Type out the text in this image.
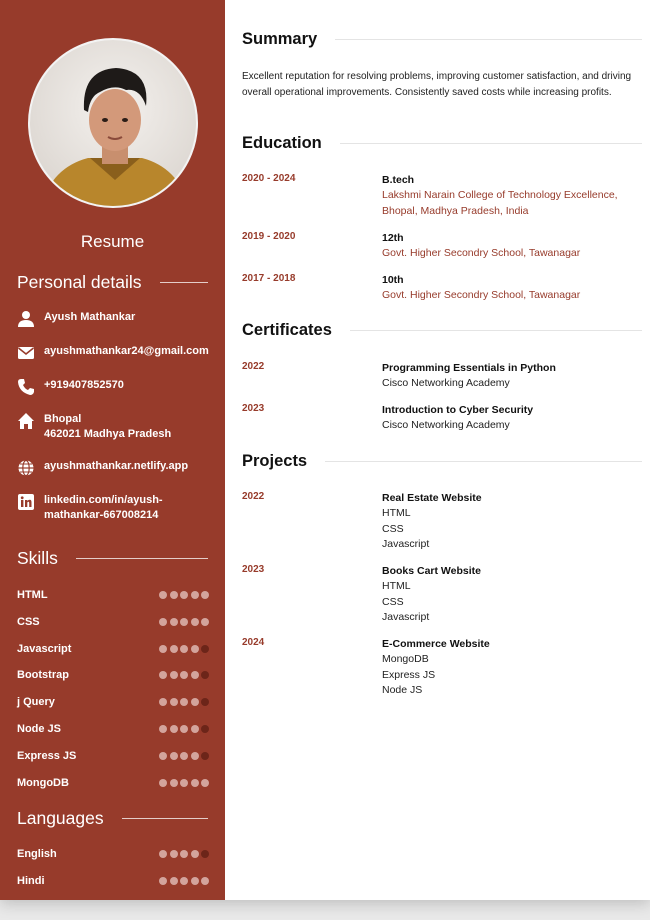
Resume
Personal details
Ayush Mathankar
ayushmathankar24@gmail.com
+919407852570
Bhopal
462021 Madhya Pradesh
ayushmathankar.netlify.app
linkedin.com/in/ayush-
mathankar-667008214
Skills
HTML
CSS
Javascript
Bootstrap
j Query
Node JS
Express JS
MongoDB
Languages
English
Hindi
Summary
Excellent reputation for resolving problems, improving customer satisfaction, and driving overall operational improvements. Consistently saved costs while increasing profits.
Education
2020 - 2024	B.tech
Lakshmi Narain College of Technology Excellence,
Bhopal, Madhya Pradesh, India
2019 - 2020	12th
Govt. Higher Secondry School, Tawanagar
2017 - 2018	10th
Govt. Higher Secondry School, Tawanagar
Certificates
2022	Programming Essentials in Python
Cisco Networking Academy
2023	Introduction to Cyber Security
Cisco Networking Academy
Projects
2022	Real Estate Website
HTML
CSS
Javascript
2023	Books Cart Website
HTML
CSS
Javascript
2024	E-Commerce Website
MongoDB
Express JS
Node JS
